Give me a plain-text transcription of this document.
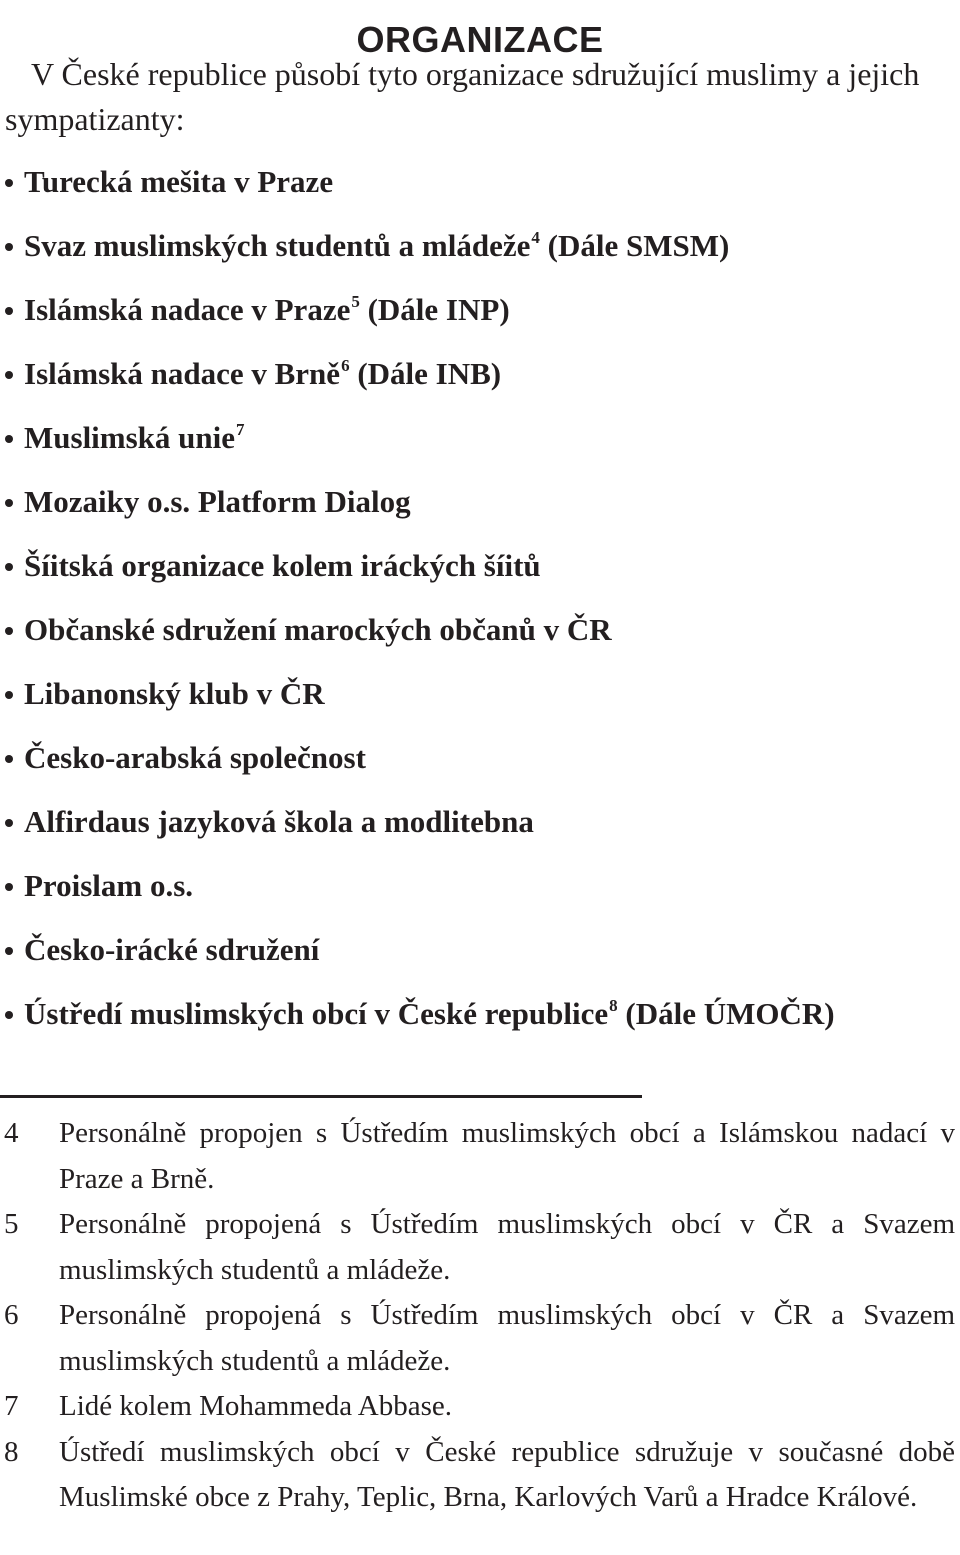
ORGANIZACE

V České republice působí tyto organizace sdružující muslimy a jejich sympatizanty:

Turecká mešita v Praze
Svaz muslimských studentů a mládeže$^4$ (Dále SMSM)
Islámská nadace v Praze$^5$ (Dále INP)
Islámská nadace v Brně$^6$ (Dále INB)
Muslimská unie$^7$
Mozaiky o.s. Platform Dialog
Šíitská organizace kolem iráckých šíitů
Občanské sdružení marockých občanů v ČR
Libanonský klub v ČR
Česko-arabská společnost
Alfirdaus jazyková škola a modlitebna
Proislam o.s.
Česko-irácké sdružení
Ústředí muslimských obcí v České republice$^8$ (Dále ÚMOČR)
4 Personálně propojen s Ústředím muslimských obcí a Islámskou nadací v Praze a Brně.
5 Personálně propojená s Ústředím muslimských obcí v ČR a Svazem muslimských studentů a mládeže.
6 Personálně propojená s Ústředím muslimských obcí v ČR a Svazem muslimských studentů a mládeže.
7 Lidé kolem Mohammeda Abbase.
8 Ústředí muslimských obcí v České republice sdružuje v současné době Muslimské obce z Prahy, Teplic, Brna, Karlových Varů a Hradce Králové.
